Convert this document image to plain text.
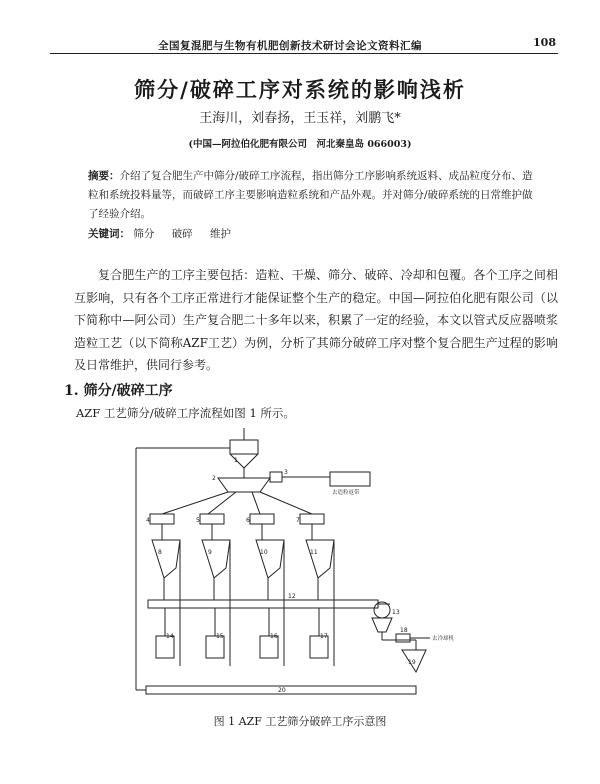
全国复混肥与生物有机肥创新技术研讨会论文资料汇编	108
筛分/破碎工序对系统的影响浅析
王海川，刘春扬，王玉祥，刘鹏飞*
(中国—阿拉伯化肥有限公司　河北秦皇岛 066003)
摘要：介绍了复合肥生产中筛分/破碎工序流程，指出筛分工序影响系统返料、成品粒度分布、造粒和系统投料量等，而破碎工序主要影响造粒系统和产品外观。并对筛分/破碎系统的日常维护做了经验介绍。
关键词： 筛分 破碎 维护
复合肥生产的工序主要包括：造粒、干燥、筛分、破碎、冷却和包覆。各个工序之间相互影响，只有各个工序正常进行才能保证整个生产的稳定。中国—阿拉伯化肥有限公司（以下简称中—阿公司）生产复合肥二十多年以来，积累了一定的经验，本文以管式反应器喷浆造粒工艺（以下简称AZF工艺）为例，分析了其筛分破碎工序对整个复合肥生产过程的影响及日常维护，供同行参考。
1. 筛分/破碎工序
AZF 工艺筛分/破碎工序流程如图 1 所示。
1
2
3
4	5	6	7
8	9	10	11
12
13
14	15	16	17
18
19
20
去造粒返带
去冷却机
图 1 AZF 工艺筛分破碎工序示意图
